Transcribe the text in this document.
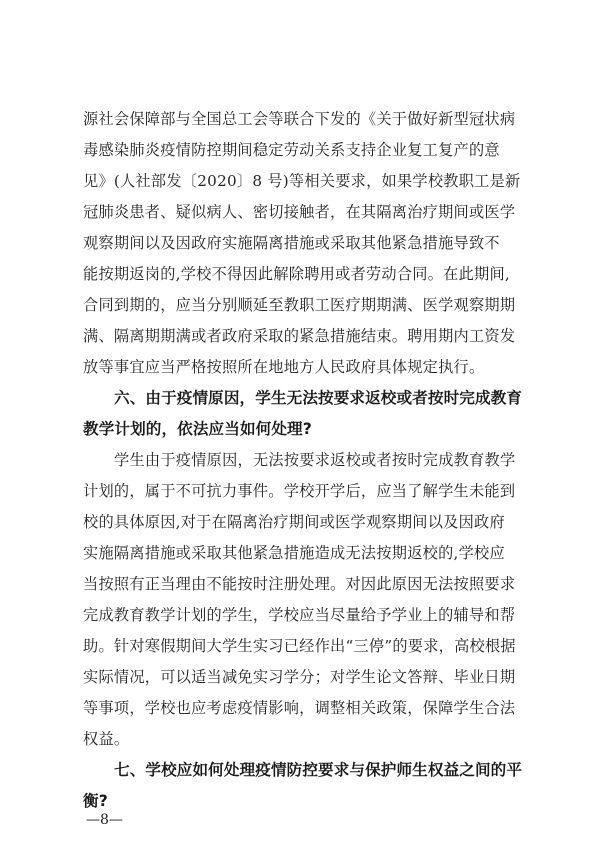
源社会保障部与全国总工会等联合下发的《关于做好新型冠状病
毒感染肺炎疫情防控期间稳定劳动关系支持企业复工复产的意
见》(人社部发〔2020〕8 号)等相关要求，如果学校教职工是新
冠肺炎患者、疑似病人、密切接触者，在其隔离治疗期间或医学
观察期间以及因政府实施隔离措施或采取其他紧急措施导致不
能按期返岗的,学校不得因此解除聘用或者劳动合同。在此期间,
合同到期的，应当分别顺延至教职工医疗期期满、医学观察期期
满、隔离期期满或者政府采取的紧急措施结束。聘用期内工资发
放等事宜应当严格按照所在地地方人民政府具体规定执行。
六、由于疫情原因，学生无法按要求返校或者按时完成教育
教学计划的，依法应当如何处理?
学生由于疫情原因，无法按要求返校或者按时完成教育教学
计划的，属于不可抗力事件。学校开学后，应当了解学生未能到
校的具体原因,对于在隔离治疗期间或医学观察期间以及因政府
实施隔离措施或采取其他紧急措施造成无法按期返校的,学校应
当按照有正当理由不能按时注册处理。对因此原因无法按照要求
完成教育教学计划的学生，学校应当尽量给予学业上的辅导和帮
助。针对寒假期间大学生实习已经作出“三停”的要求，高校根据
实际情况，可以适当减免实习学分；对学生论文答辩、毕业日期
等事项，学校也应考虑疫情影响，调整相关政策，保障学生合法
权益。
七、学校应如何处理疫情防控要求与保护师生权益之间的平
衡?
—8—
